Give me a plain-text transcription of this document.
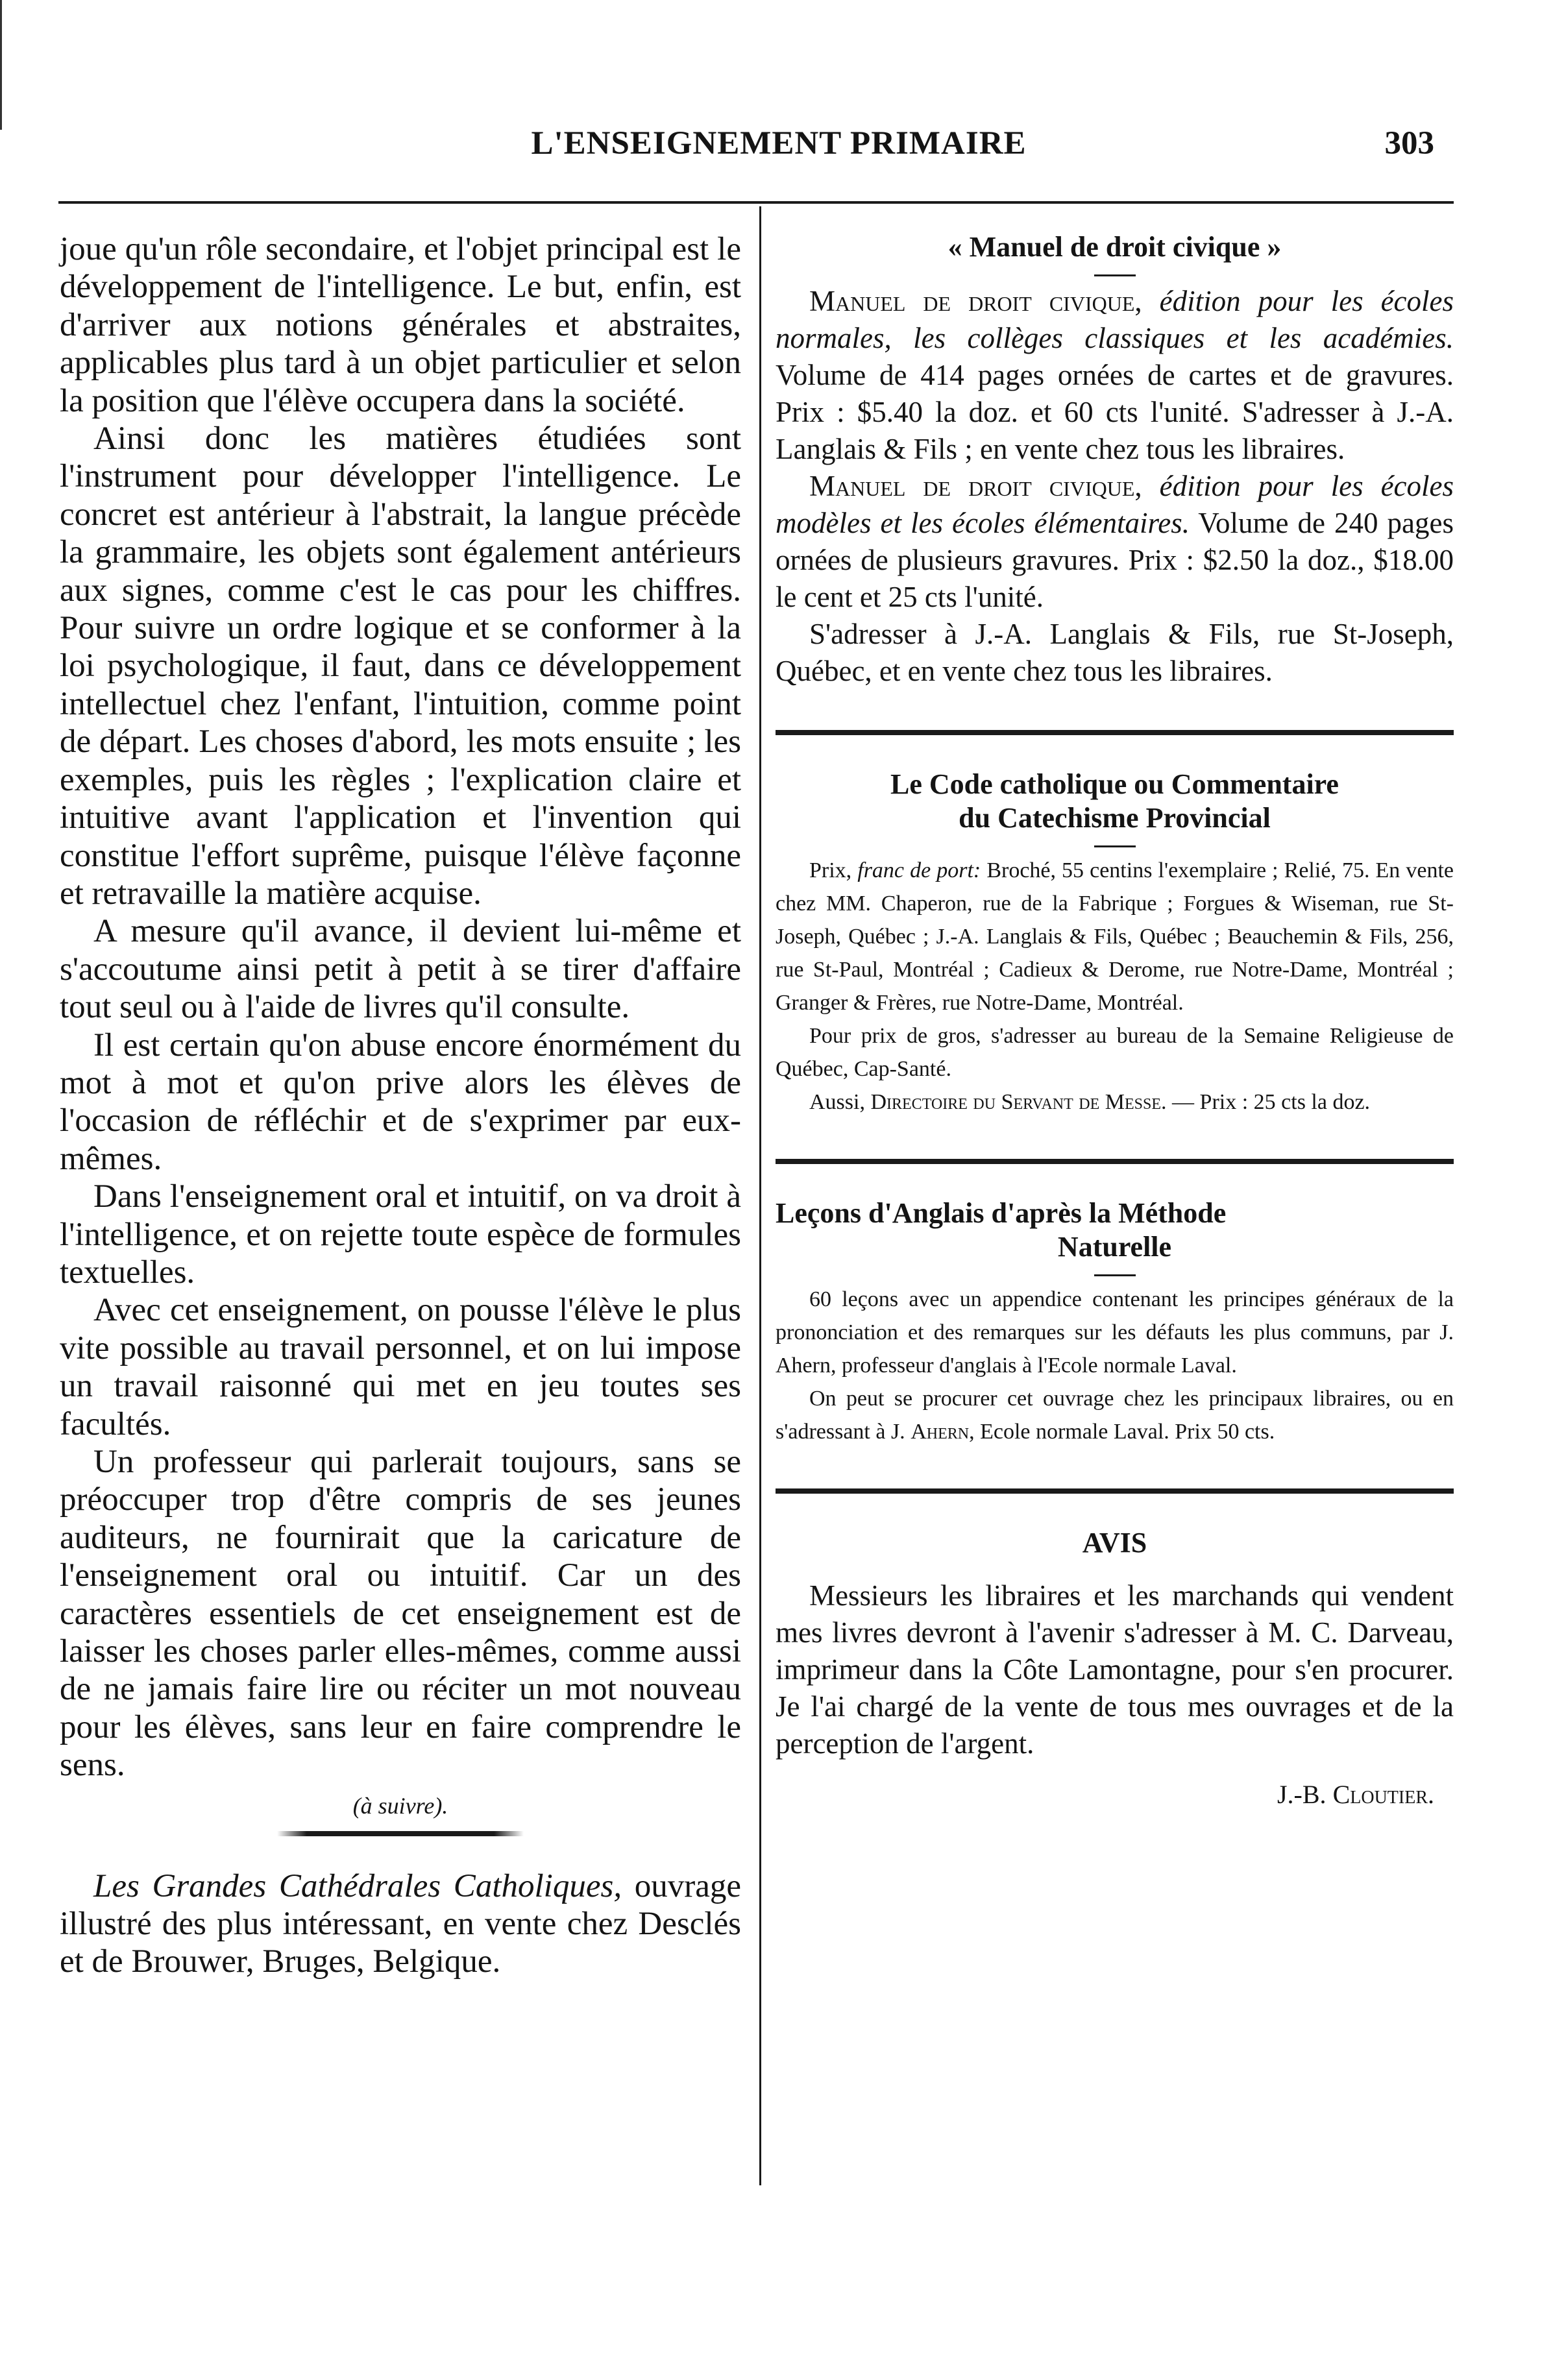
L'ENSEIGNEMENT PRIMAIRE	303

joue qu'un rôle secondaire, et l'objet principal est le développement de l'intelligence. Le but, enfin, est d'arriver aux notions générales et abstraites, applicables plus tard à un objet particulier et selon la position que l'élève occupera dans la société.

Ainsi donc les matières étudiées sont l'instrument pour développer l'intelligence. Le concret est antérieur à l'abstrait, la langue précède la grammaire, les objets sont également antérieurs aux signes, comme c'est le cas pour les chiffres. Pour suivre un ordre logique et se conformer à la loi psychologique, il faut, dans ce développement intellectuel chez l'enfant, l'intuition, comme point de départ. Les choses d'abord, les mots ensuite ; les exemples, puis les règles ; l'explication claire et intuitive avant l'application et l'invention qui constitue l'effort suprême, puisque l'élève façonne et retravaille la matière acquise.

A mesure qu'il avance, il devient lui-même et s'accoutume ainsi petit à petit à se tirer d'affaire tout seul ou à l'aide de livres qu'il consulte.

Il est certain qu'on abuse encore énormément du mot à mot et qu'on prive alors les élèves de l'occasion de réfléchir et de s'exprimer par eux-mêmes.

Dans l'enseignement oral et intuitif, on va droit à l'intelligence, et on rejette toute espèce de formules textuelles.

Avec cet enseignement, on pousse l'élève le plus vite possible au travail personnel, et on lui impose un travail raisonné qui met en jeu toutes ses facultés.

Un professeur qui parlerait toujours, sans se préoccuper trop d'être compris de ses jeunes auditeurs, ne fournirait que la caricature de l'enseignement oral ou intuitif. Car un des caractères essentiels de cet enseignement est de laisser les choses parler elles-mêmes, comme aussi de ne jamais faire lire ou réciter un mot nouveau pour les élèves, sans leur en faire comprendre le sens.

(à suivre).

Les Grandes Cathédrales Catholiques, ouvrage illustré des plus intéressant, en vente chez Desclés et de Brouwer, Bruges, Belgique.

« Manuel de droit civique »

Manuel de droit civique, édition pour les écoles normales, les collèges classiques et les académies. Volume de 414 pages ornées de cartes et de gravures. Prix : $5.40 la doz. et 60 cts l'unité. S'adresser à J.-A. Langlais & Fils ; en vente chez tous les libraires.

Manuel de droit civique, édition pour les écoles modèles et les écoles élémentaires. Volume de 240 pages ornées de plusieurs gravures. Prix : $2.50 la doz., $18.00 le cent et 25 cts l'unité.

S'adresser à J.-A. Langlais & Fils, rue St-Joseph, Québec, et en vente chez tous les libraires.

Le Code catholique ou Commentaire
du Catechisme Provincial

Prix, franc de port: Broché, 55 centins l'exemplaire ; Relié, 75. En vente chez MM. Chaperon, rue de la Fabrique ; Forgues & Wiseman, rue St-Joseph, Québec ; J.-A. Langlais & Fils, Québec ; Beauchemin & Fils, 256, rue St-Paul, Montréal ; Cadieux & Derome, rue Notre-Dame, Montréal ; Granger & Frères, rue Notre-Dame, Montréal.

Pour prix de gros, s'adresser au bureau de la Semaine Religieuse de Québec, Cap-Santé.

Aussi, Directoire du Servant de Messe. — Prix : 25 cts la doz.

Leçons d'Anglais d'après la Méthode
Naturelle

60 leçons avec un appendice contenant les principes généraux de la prononciation et des remarques sur les défauts les plus communs, par J. Ahern, professeur d'anglais à l'Ecole normale Laval.

On peut se procurer cet ouvrage chez les principaux libraires, ou en s'adressant à J. Ahern, Ecole normale Laval. Prix 50 cts.

AVIS

Messieurs les libraires et les marchands qui vendent mes livres devront à l'avenir s'adresser à M. C. Darveau, imprimeur dans la Côte Lamontagne, pour s'en procurer. Je l'ai chargé de la vente de tous mes ouvrages et de la perception de l'argent.

J.-B. Cloutier.
